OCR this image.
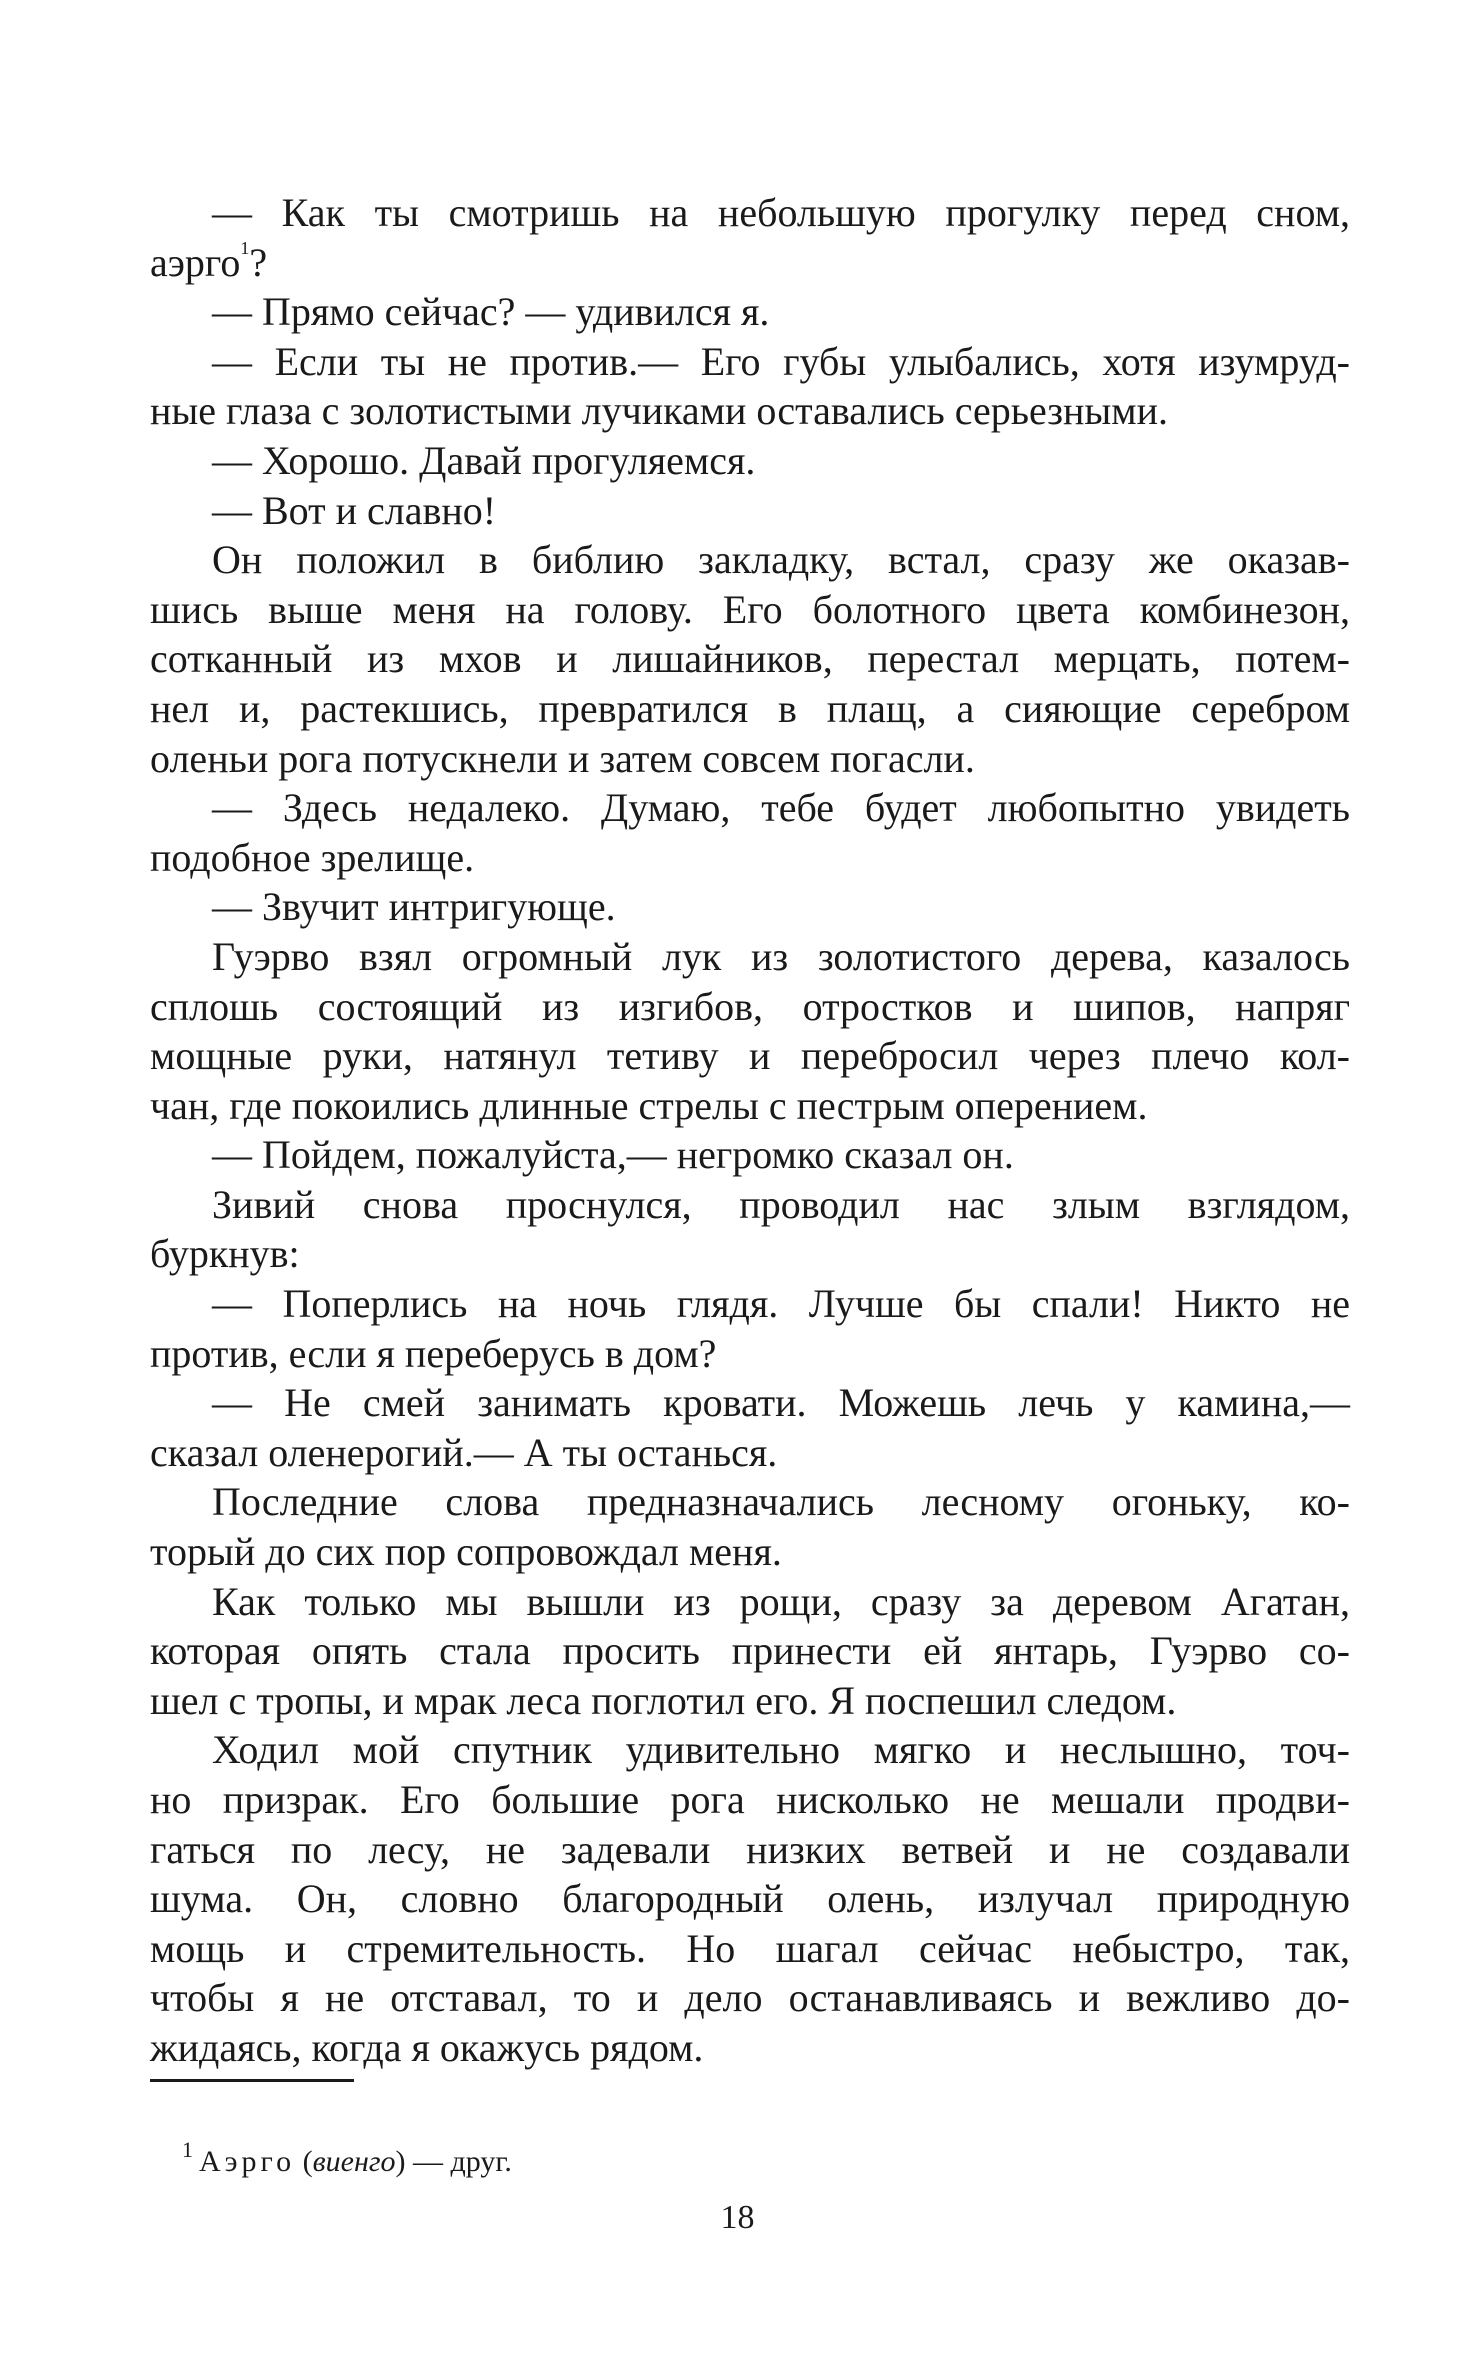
— Как ты смотришь на небольшую прогулку перед сном,
аэрго$^1$?
— Прямо сейчас? — удивился я.
— Если ты не против.— Его губы улыбались, хотя изумруд-
ные глаза с золотистыми лучиками оставались серьезными.
— Хорошо. Давай прогуляемся.
— Вот и славно!
Он положил в библию закладку, встал, сразу же оказав-
шись выше меня на голову. Его болотного цвета комбинезон,
сотканный из мхов и лишайников, перестал мерцать, потем-
нел и, растекшись, превратился в плащ, а сияющие серебром
оленьи рога потускнели и затем совсем погасли.
— Здесь недалеко. Думаю, тебе будет любопытно увидеть
подобное зрелище.
— Звучит интригующе.
Гуэрво взял огромный лук из золотистого дерева, казалось
сплошь состоящий из изгибов, отростков и шипов, напряг
мощные руки, натянул тетиву и перебросил через плечо кол-
чан, где покоились длинные стрелы с пестрым оперением.
— Пойдем, пожалуйста,— негромко сказал он.
Зивий снова проснулся, проводил нас злым взглядом,
буркнув:
— Поперлись на ночь глядя. Лучше бы спали! Никто не
против, если я переберусь в дом?
— Не смей занимать кровати. Можешь лечь у камина,—
сказал оленерогий.— А ты останься.
Последние слова предназначались лесному огоньку, ко-
торый до сих пор сопровождал меня.
Как только мы вышли из рощи, сразу за деревом Агатан,
которая опять стала просить принести ей янтарь, Гуэрво со-
шел с тропы, и мрак леса поглотил его. Я поспешил следом.
Ходил мой спутник удивительно мягко и неслышно, точ-
но призрак. Его большие рога нисколько не мешали продви-
гаться по лесу, не задевали низких ветвей и не создавали
шума. Он, словно благородный олень, излучал природную
мощь и стремительность. Но шагал сейчас небыстро, так,
чтобы я не отставал, то и дело останавливаясь и вежливо до-
жидаясь, когда я окажусь рядом.
$^1$ Аэрго (виенго) — друг.
18
